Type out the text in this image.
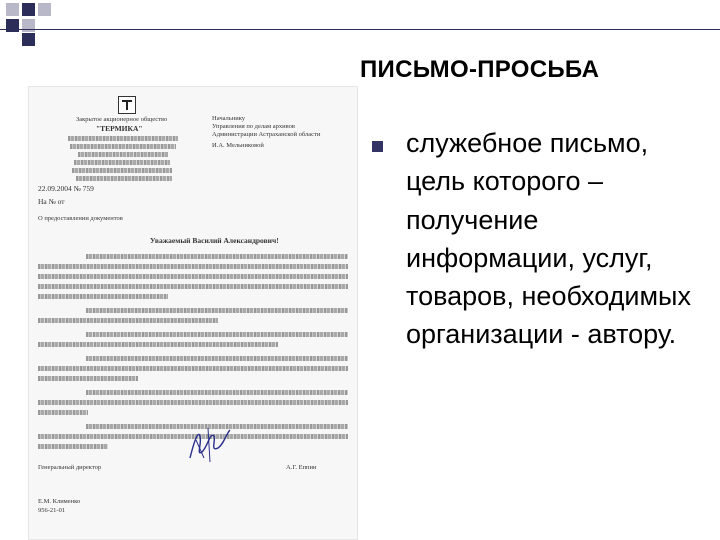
ПИСЬМО-ПРОСЬБА
Закрытое акционерное общество
"ТЕРМИКА"
Начальнику
Управления по делам архивов
Администрации Астраханской области
И.А. Мельниковой
22.09.2004 № 759
На № от
О предоставлении документов
Уважаемый Василий Александрович!
Генеральный директор	А.Г. Еппин
Е.М. Клименко
956-21-01
служебное письмо, цель которого – получение информации, услуг, товаров, необходимых организации - автору.
